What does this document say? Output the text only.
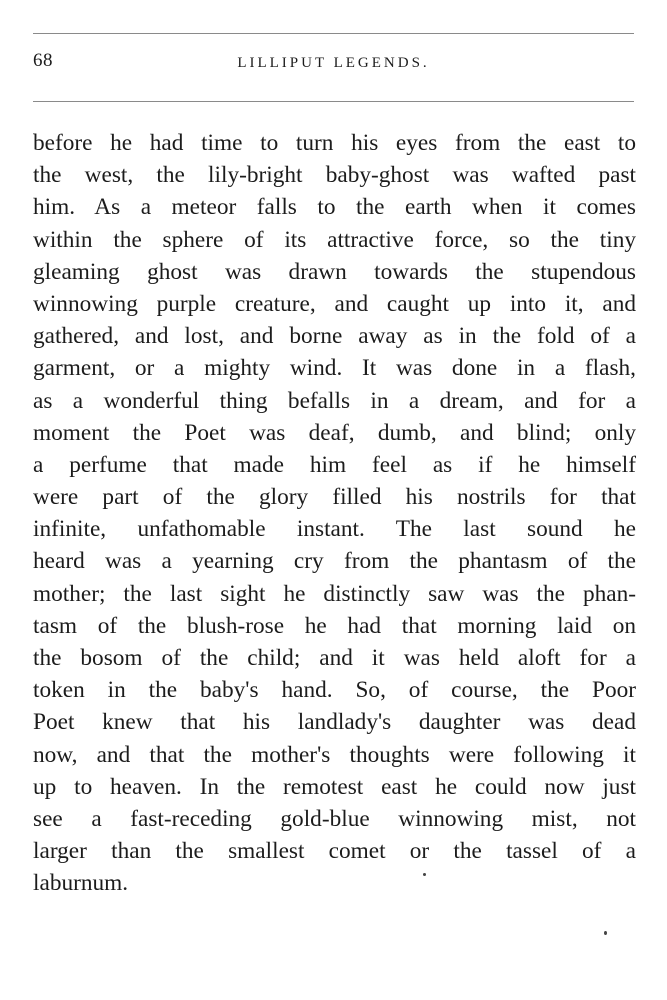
68	LILLIPUT LEGENDS.
before he had time to turn his eyes from the east to
the west, the lily-bright baby-ghost was wafted past
him. As a meteor falls to the earth when it comes
within the sphere of its attractive force, so the tiny
gleaming ghost was drawn towards the stupendous
winnowing purple creature, and caught up into it, and
gathered, and lost, and borne away as in the fold of a
garment, or a mighty wind. It was done in a flash,
as a wonderful thing befalls in a dream, and for a
moment the Poet was deaf, dumb, and blind; only
a perfume that made him feel as if he himself
were part of the glory filled his nostrils for that
infinite, unfathomable instant. The last sound he
heard was a yearning cry from the phantasm of the
mother; the last sight he distinctly saw was the phan-
tasm of the blush-rose he had that morning laid on
the bosom of the child; and it was held aloft for a
token in the baby's hand. So, of course, the Poor
Poet knew that his landlady's daughter was dead
now, and that the mother's thoughts were following it
up to heaven. In the remotest east he could now just
see a fast-receding gold-blue winnowing mist, not
larger than the smallest comet or the tassel of a
laburnum.
